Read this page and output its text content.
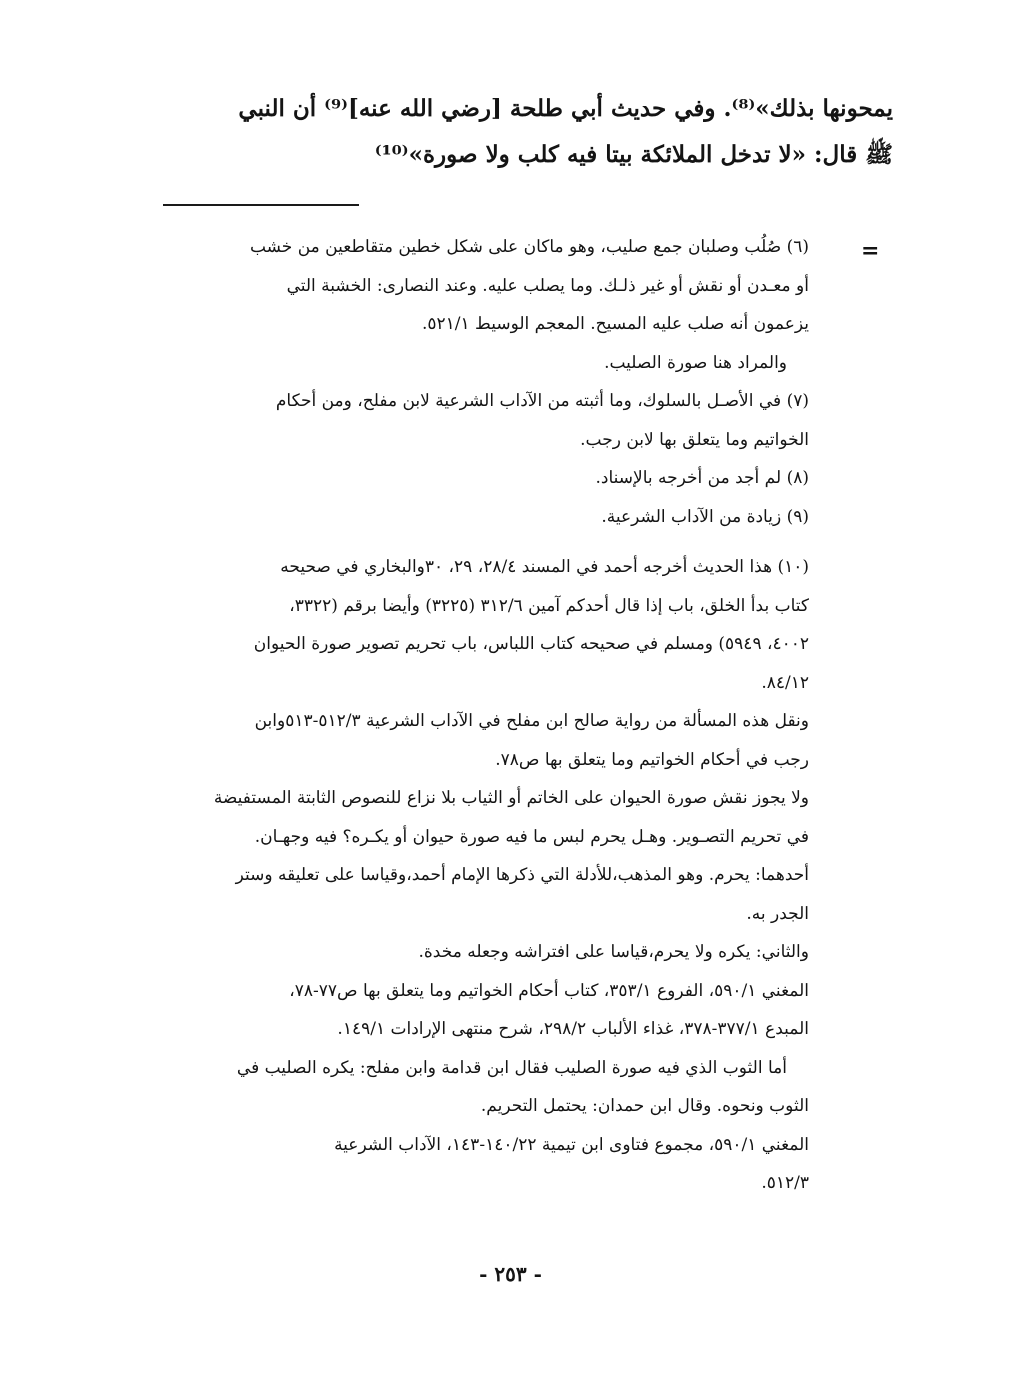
يمحونها بذلك»⁽⁸⁾. وفي حديث أبي طلحة [رضي الله عنه]⁽⁹⁾ أن النبي
ﷺ قال: «لا تدخل الملائكة بيتا فيه كلب ولا صورة»⁽¹⁰⁾
=
(٦) صُلُب وصلبان جمع صليب، وهو ماكان على شكل خطين متقاطعين من خشب
أو معـدن أو نقش أو غير ذلـك. وما يصلب عليه. وعند النصارى: الخشبة التي
يزعمون أنه صلب عليه المسيح. المعجم الوسيط ٥٢١/١.
والمراد هنا صورة الصليب.
(٧) في الأصـل بالسلوك، وما أثبته من الآداب الشرعية لابن مفلح، ومن أحكام
الخواتيم وما يتعلق بها لابن رجب.
(٨) لم أجد من أخرجه بالإسناد.
(٩) زيادة من الآداب الشرعية.
(١٠) هذا الحديث أخرجه أحمد في المسند ٢٨/٤، ٢٩، ٣٠والبخاري في صحيحه
كتاب بدأ الخلق، باب إذا قال أحدكم آمين ٣١٢/٦ (٣٢٢٥) وأيضا برقم (٣٣٢٢،
٤٠٠٢، ٥٩٤٩) ومسلم في صحيحه كتاب اللباس، باب تحريم تصوير صورة الحيوان
٨٤/١٢.
ونقل هذه المسألة من رواية صالح ابن مفلح في الآداب الشرعية ٥١٢/٣-٥١٣وابن
رجب في أحكام الخواتيم وما يتعلق بها ص٧٨.
ولا يجوز نقش صورة الحيوان على الخاتم أو الثياب بلا نزاع للنصوص الثابتة المستفيضة
في تحريم التصـوير. وهـل يحرم لبس ما فيه صورة حيوان أو يكـره؟ فيه وجهـان.
أحدهما: يحرم. وهو المذهب،للأدلة التي ذكرها الإمام أحمد،وقياسا على تعليقه وستر
الجدر به.
والثاني: يكره ولا يحرم،قياسا على افتراشه وجعله مخدة.
المغني ٥٩٠/١، الفروع ٣٥٣/١، كتاب أحكام الخواتيم وما يتعلق بها ص٧٧-٧٨،
المبدع ٣٧٧/١-٣٧٨، غذاء الألباب ٢٩٨/٢، شرح منتهى الإرادات ١٤٩/١.
أما الثوب الذي فيه صورة الصليب فقال ابن قدامة وابن مفلح: يكره الصليب في
الثوب ونحوه. وقال ابن حمدان: يحتمل التحريم.
المغني ٥٩٠/١، مجموع فتاوى ابن تيمية ١٤٠/٢٢-١٤٣، الآداب الشرعية
٥١٢/٣.
- ٢٥٣ -
